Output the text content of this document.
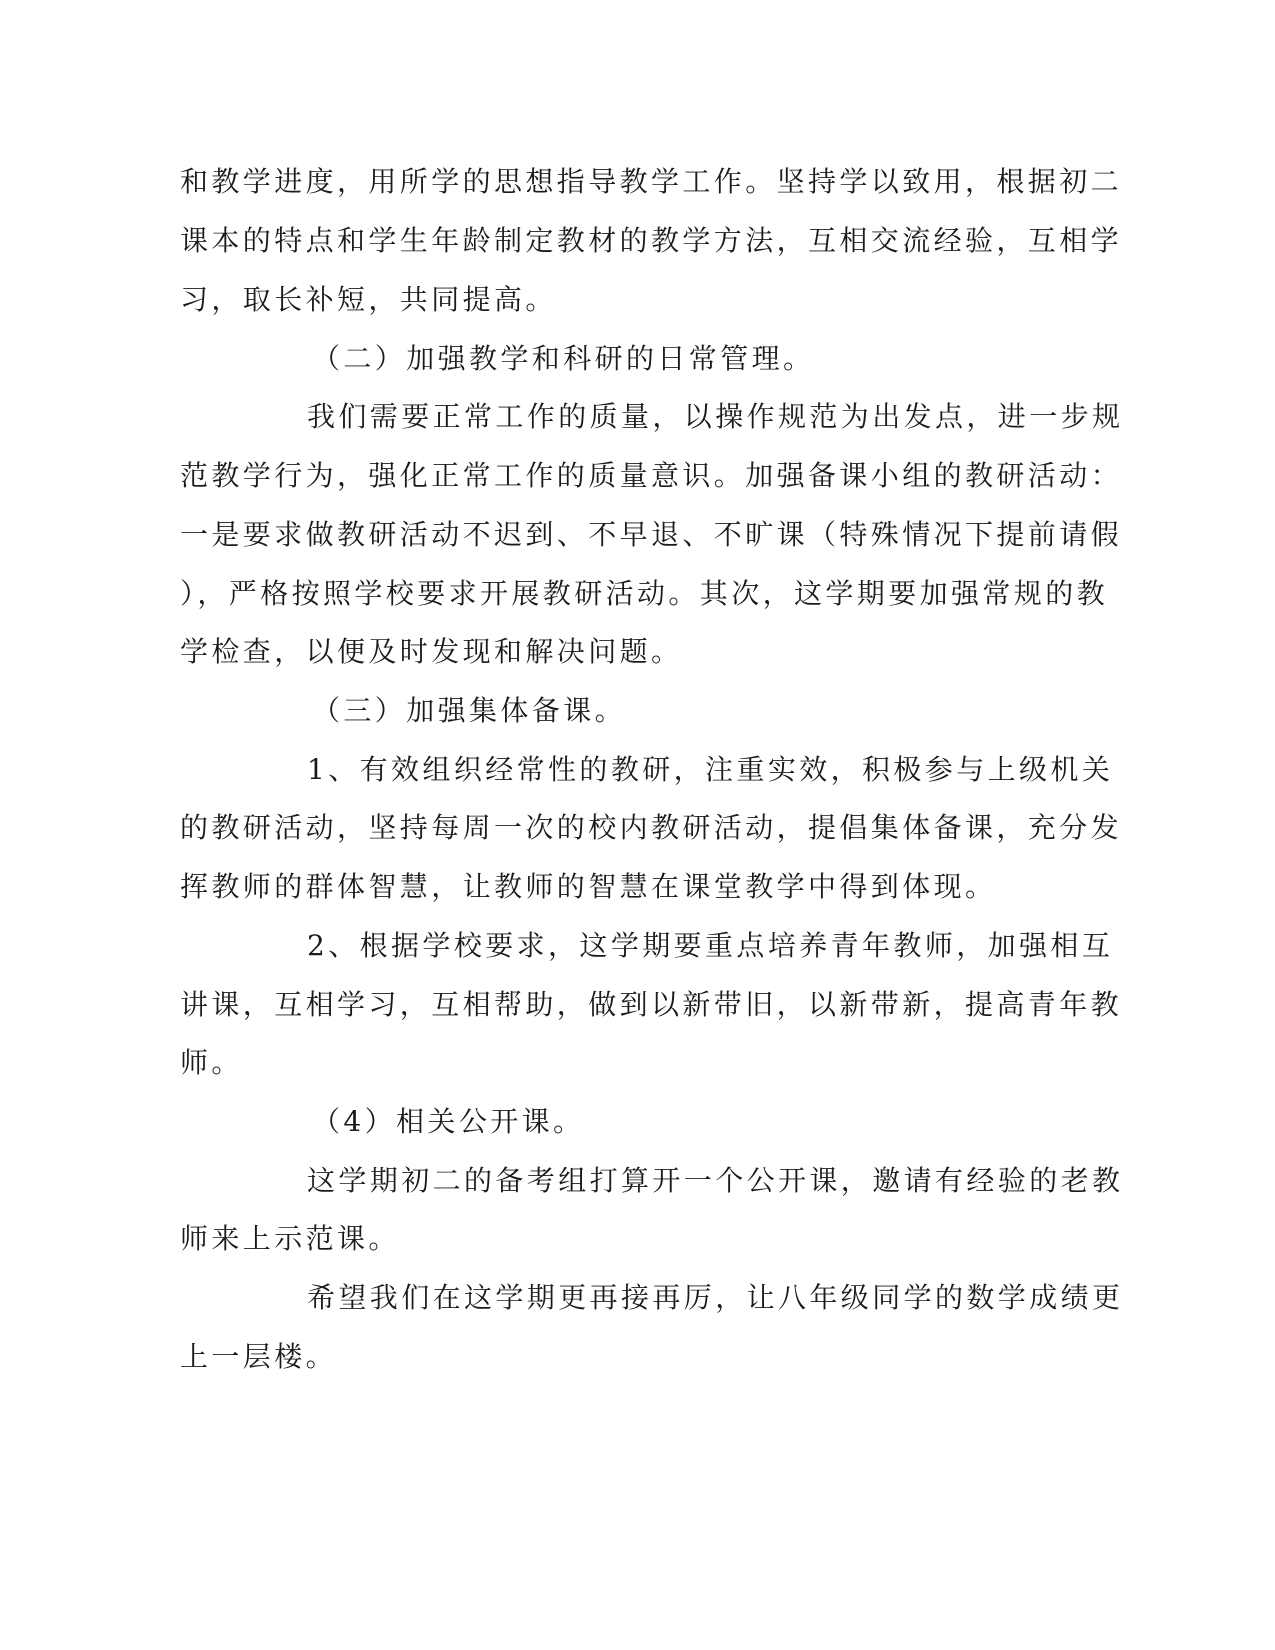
和教学进度，用所学的思想指导教学工作。坚持学以致用，根据初二
课本的特点和学生年龄制定教材的教学方法，互相交流经验，互相学
习，取长补短，共同提高。
（二）加强教学和科研的日常管理。
我们需要正常工作的质量，以操作规范为出发点，进一步规
范教学行为，强化正常工作的质量意识。加强备课小组的教研活动：
一是要求做教研活动不迟到、不早退、不旷课（特殊情况下提前请假
），严格按照学校要求开展教研活动。其次，这学期要加强常规的教
学检查，以便及时发现和解决问题。
（三）加强集体备课。
1、有效组织经常性的教研，注重实效，积极参与上级机关
的教研活动，坚持每周一次的校内教研活动，提倡集体备课，充分发
挥教师的群体智慧，让教师的智慧在课堂教学中得到体现。
2、根据学校要求，这学期要重点培养青年教师，加强相互
讲课，互相学习，互相帮助，做到以新带旧，以新带新，提高青年教
师。
（4）相关公开课。
这学期初二的备考组打算开一个公开课，邀请有经验的老教
师来上示范课。
希望我们在这学期更再接再厉，让八年级同学的数学成绩更
上一层楼。
